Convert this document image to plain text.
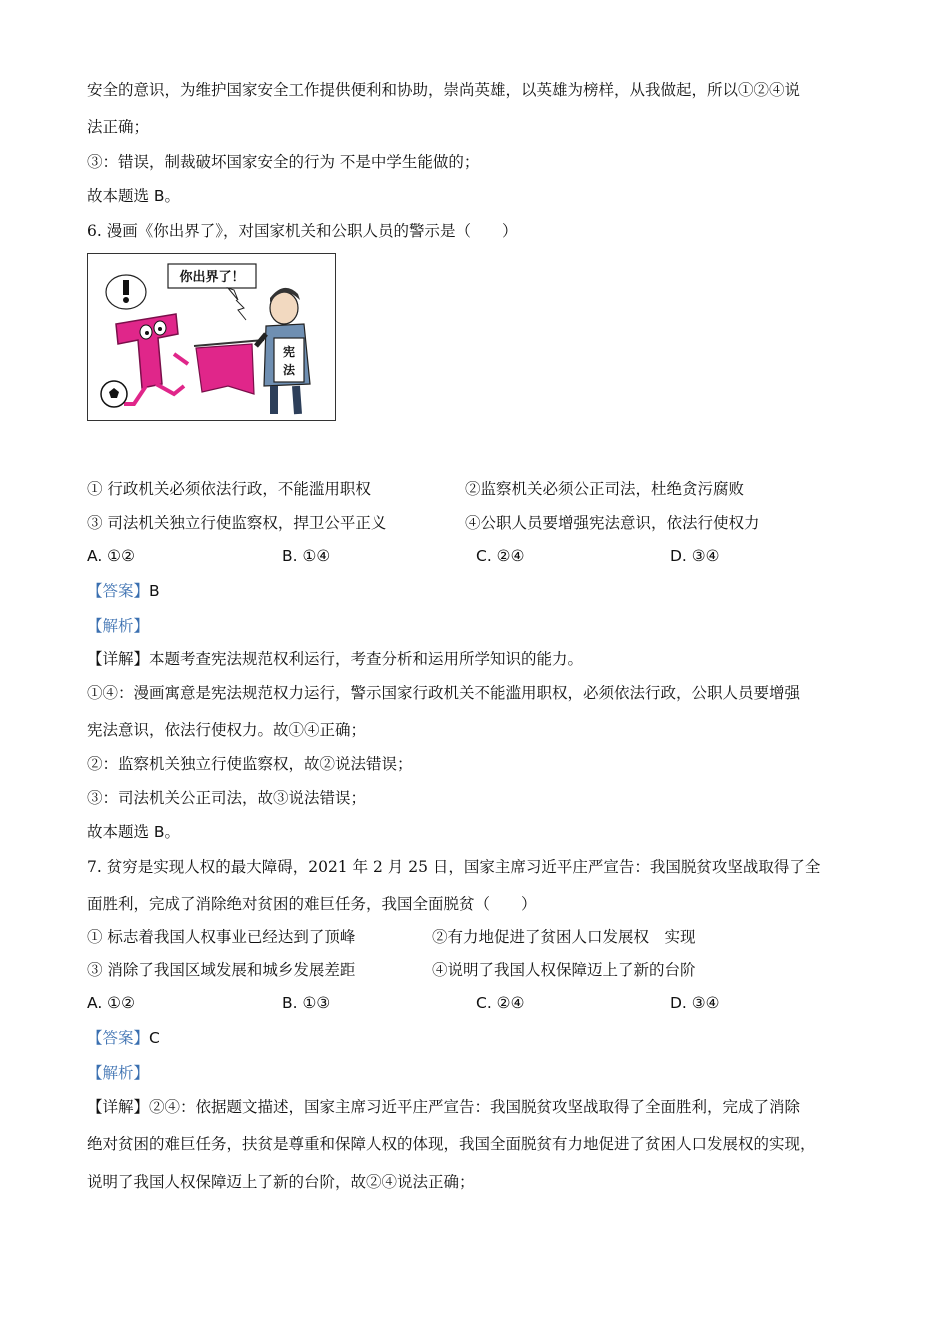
安全的意识，为维护国家安全工作提供便利和协助，崇尚英雄，以英雄为榜样，从我做起，所以①②④说
法正确；
③：错误，制裁破坏国家安全的行为 不是中学生能做的；
故本题选 B。
6. 漫画《你出界了》，对国家机关和公职人员的警示是（　　）
你出界了！
宪
法
① 行政机关必须依法行政，不能滥用职权	②监察机关必须公正司法，杜绝贪污腐败
③ 司法机关独立行使监察权，捍卫公平正义	④公职人员要增强宪法意识，依法行使权力
A. ①②	B. ①④	C. ②④	D. ③④
【答案】B
【解析】
【详解】本题考查宪法规范权利运行，考查分析和运用所学知识的能力。
①④：漫画寓意是宪法规范权力运行，警示国家行政机关不能滥用职权，必须依法行政，公职人员要增强
宪法意识，依法行使权力。故①④正确；
②：监察机关独立行使监察权，故②说法错误；
③：司法机关公正司法，故③说法错误；
故本题选 B。
7. 贫穷是实现人权的最大障碍，2021 年 2 月 25 日，国家主席习近平庄严宣告：我国脱贫攻坚战取得了全
面胜利，完成了消除绝对贫困的难巨任务，我国全面脱贫（　　）
① 标志着我国人权事业已经达到了顶峰	②有力地促进了贫困人口发展权　实现
③ 消除了我国区域发展和城乡发展差距	④说明了我国人权保障迈上了新的台阶
A. ①②	B. ①③	C. ②④	D. ③④
【答案】C
【解析】
【详解】②④：依据题文描述，国家主席习近平庄严宣告：我国脱贫攻坚战取得了全面胜利，完成了消除
绝对贫困的难巨任务，扶贫是尊重和保障人权的体现，我国全面脱贫有力地促进了贫困人口发展权的实现，
说明了我国人权保障迈上了新的台阶，故②④说法正确；
